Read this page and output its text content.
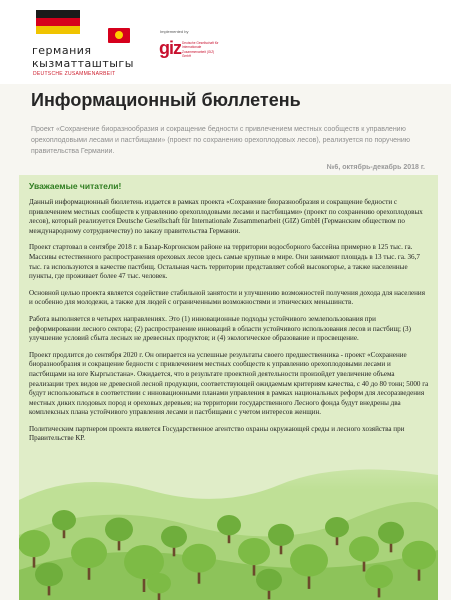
германия
кызматташтыгы
DEUTSCHE ZUSAMMENARBEIT
Implemented by
giz Deutsche Gesellschaft für Internationale Zusammenarbeit (GIZ) GmbH
Информационный бюллетень
Проект «Сохранение биоразнообразия и сокращение бедности с привлечением местных сообществ к управлению орехоплодовыми лесами и пастбищами» (проект по сохранению орехоплодовых лесов), реализуется по поручению правительства Германии.
№6, октябрь-декабрь 2018 г.
Уважаемые читатели!

Данный информационный бюллетень издается в рамках проекта «Сохранение биоразнообразия и сокращение бедности с привлечением местных сообществ к управлению орехоплодовыми лесами и пастбищами» (проект по сохранению орехоплодовых лесов), который реализуется Deutsche Gesellschaft für Internationale Zusammenarbeit (GIZ) GmbH (Германским обществом по международному сотрудничеству) по заказу правительства Германии.

Проект стартовал в сентябре 2018 г. в Базар-Коргонском районе на территории водосборного бассейна примерно в 125 тыс. га. Массивы естественного распространения ореховых лесов здесь самые крупные в мире. Они занимают площадь в 13 тыс. га. 36,7 тыс. га используются в качестве пастбищ. Остальная часть территории представляет собой высокогорье, а также населенные пункты, где проживает более 47 тыс. человек.

Основной целью проекта является содействие стабильной занятости и улучшению возможностей получения дохода для населения и особенно для молодежи, а также для людей с ограниченными возможностями и этнических меньшинств.

Работа выполняется в четырех направлениях. Это (1) инновационные подходы устойчивого землепользования при реформировании лесного сектора; (2) распространение инноваций в области устойчивого использования лесов и пастбищ; (3) улучшение условий сбыта лесных не древесных продуктов; и (4) экологическое образование и просвещение.

Проект продлится до сентября 2020 г. Он опирается на успешные результаты своего предшественника - проект «Сохранение биоразнообразия и сокращение бедности с привлечением местных сообществ к управлению орехоплодовыми лесами и пастбищами на юге Кыргызстана». Ожидается, что в результате проектной деятельности произойдет увеличение объема реализации трех видов не древесной лесной продукции, соответствующей ожидаемым критериям качества, с 40 до 80 тонн; 5000 га будут использоваться в соответствии с инновационными планами управления в рамках национальных реформ для лесоразведения местных диких плодовых пород и ореховых деревьев; на территории государственного Лесного фонда будут внедрены два комплексных плана устойчивого управления лесами и пастбищами с учетом интересов женщин.

Политическим партнером проекта является Государственное агентство охраны окружающей среды и лесного хозяйства при Правительстве КР.
